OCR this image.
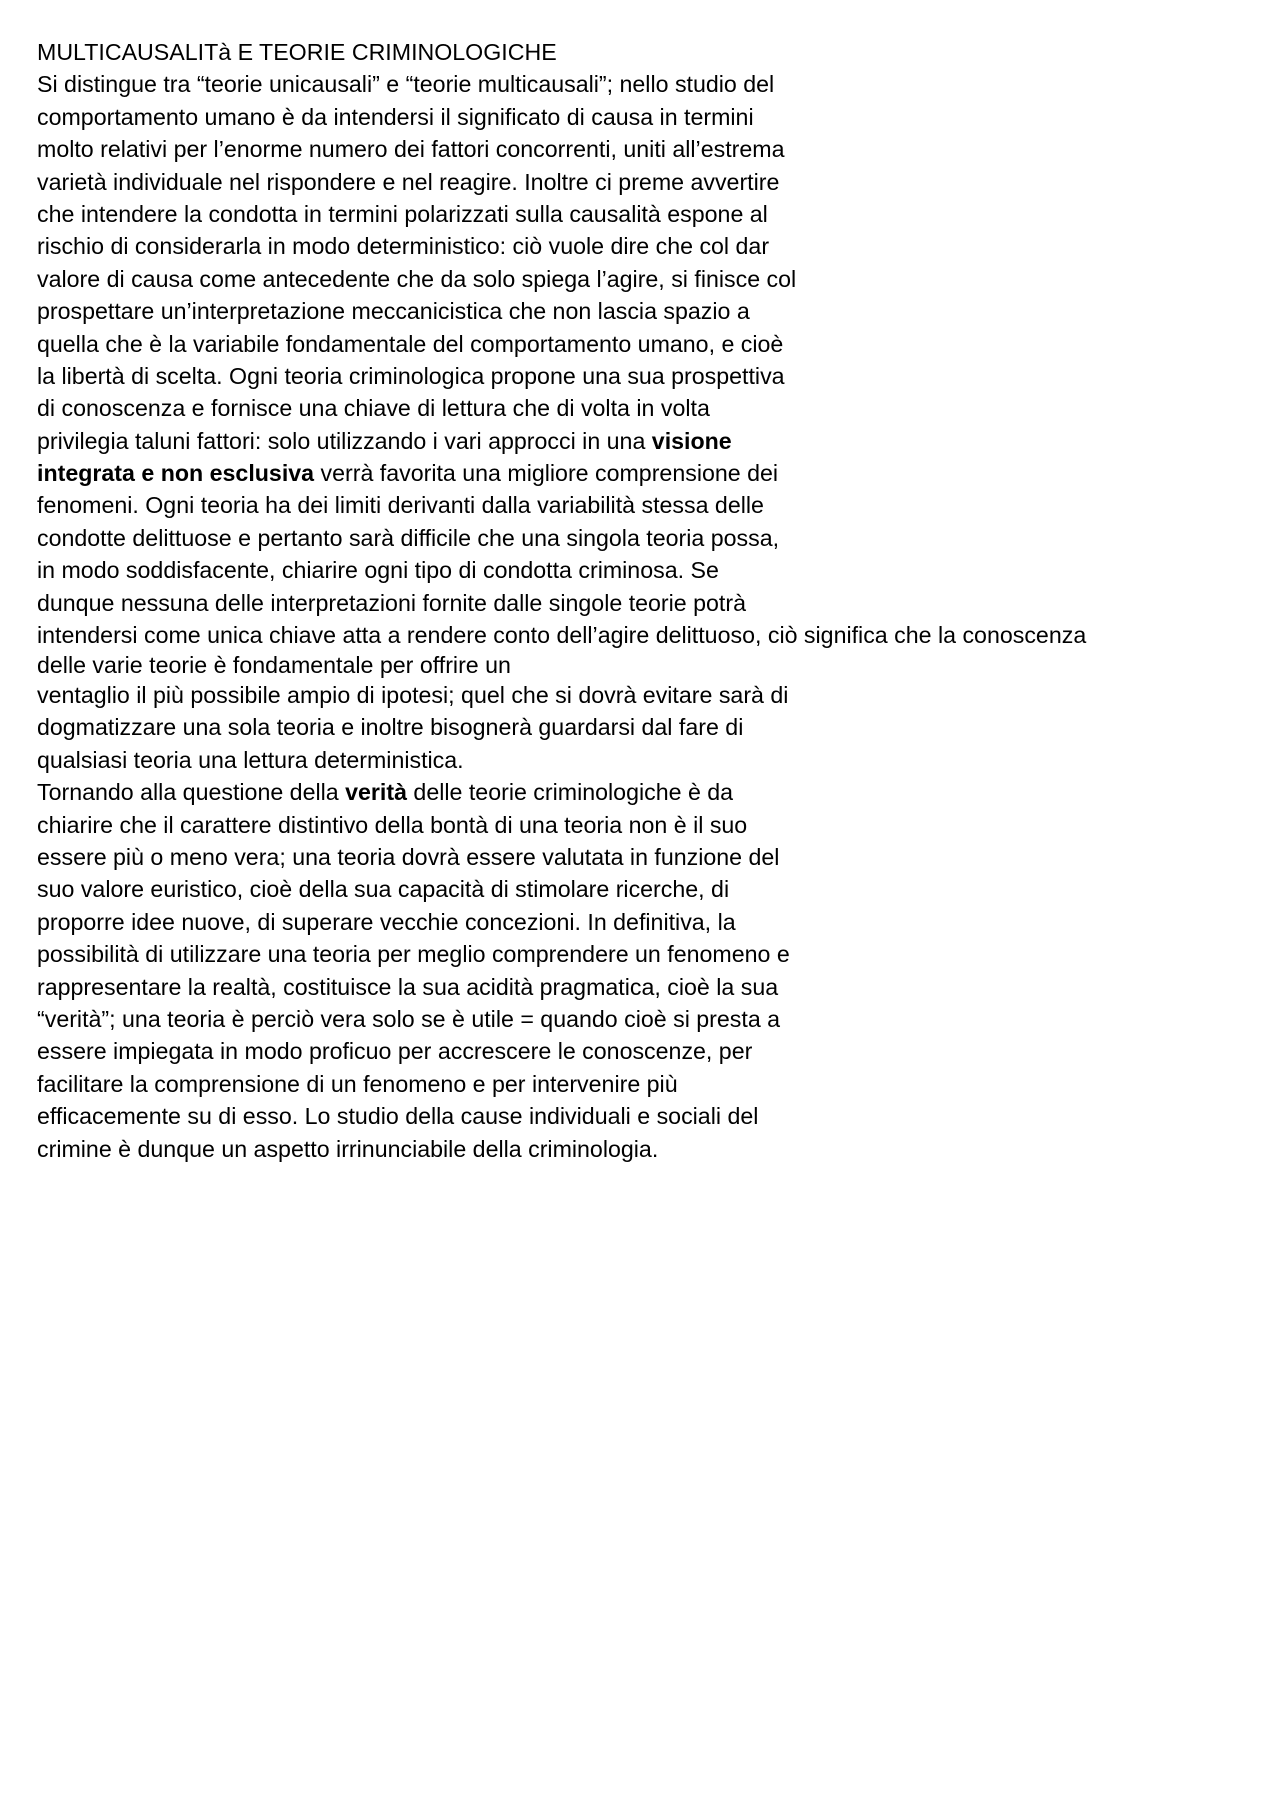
MULTICAUSALITà E TEORIE CRIMINOLOGICHE
Si distingue tra “teorie unicausali” e “teorie multicausali”; nello studio del
comportamento umano è da intendersi il significato di causa in termini
molto relativi per l’enorme numero dei fattori concorrenti, uniti all’estrema
varietà individuale nel rispondere e nel reagire. Inoltre ci preme avvertire
che intendere la condotta in termini polarizzati sulla causalità espone al
rischio di considerarla in modo deterministico: ciò vuole dire che col dar
valore di causa come antecedente che da solo spiega l’agire, si finisce col
prospettare un’interpretazione meccanicistica che non lascia spazio a
quella che è la variabile fondamentale del comportamento umano, e cioè
la libertà di scelta. Ogni teoria criminologica propone una sua prospettiva
di conoscenza e fornisce una chiave di lettura che di volta in volta
privilegia taluni fattori: solo utilizzando i vari approcci in una visione
integrata e non esclusiva verrà favorita una migliore comprensione dei
fenomeni. Ogni teoria ha dei limiti derivanti dalla variabilità stessa delle
condotte delittuose e pertanto sarà difficile che una singola teoria possa,
in modo soddisfacente, chiarire ogni tipo di condotta criminosa. Se
dunque nessuna delle interpretazioni fornite dalle singole teorie potrà
intendersi come unica chiave atta a rendere conto dell’agire delittuoso, ciò significa che la conoscenza
delle varie teorie è fondamentale per offrire un
ventaglio il più possibile ampio di ipotesi; quel che si dovrà evitare sarà di
dogmatizzare una sola teoria e inoltre bisognerà guardarsi dal fare di
qualsiasi teoria una lettura deterministica.
Tornando alla questione della verità delle teorie criminologiche è da
chiarire che il carattere distintivo della bontà di una teoria non è il suo
essere più o meno vera; una teoria dovrà essere valutata in funzione del
suo valore euristico, cioè della sua capacità di stimolare ricerche, di
proporre idee nuove, di superare vecchie concezioni. In definitiva, la
possibilità di utilizzare una teoria per meglio comprendere un fenomeno e
rappresentare la realtà, costituisce la sua acidità pragmatica, cioè la sua
“verità”; una teoria è perciò vera solo se è utile = quando cioè si presta a
essere impiegata in modo proficuo per accrescere le conoscenze, per
facilitare la comprensione di un fenomeno e per intervenire più
efficacemente su di esso. Lo studio della cause individuali e sociali del
crimine è dunque un aspetto irrinunciabile della criminologia.
